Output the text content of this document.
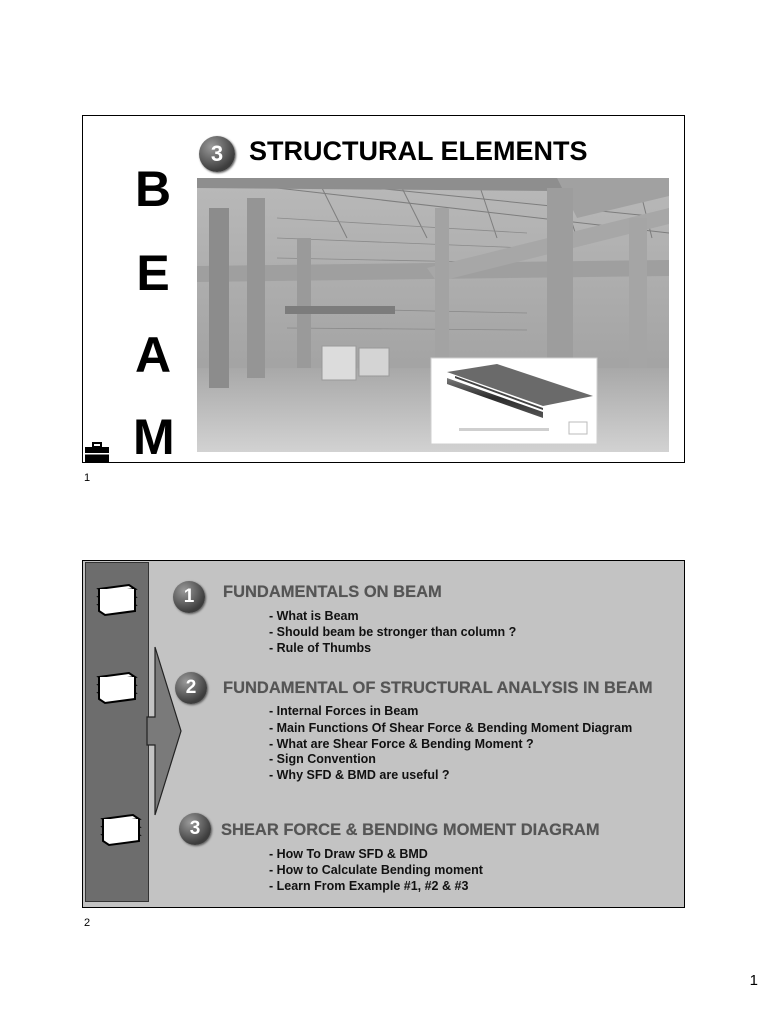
B
E
A
M
3 STRUCTURAL ELEMENTS
1
1	FUNDAMENTALS ON BEAM
- What is Beam
- Should beam be stronger than column ?
- Rule of Thumbs
2	FUNDAMENTAL OF STRUCTURAL ANALYSIS IN BEAM
- Internal Forces in Beam
- Main Functions Of Shear Force & Bending Moment Diagram
- What are Shear Force & Bending Moment ?
- Sign Convention
- Why SFD & BMD are useful ?
3	SHEAR FORCE & BENDING MOMENT DIAGRAM
- How To Draw SFD & BMD
- How to Calculate Bending moment
- Learn From Example #1, #2 & #3
2
1
